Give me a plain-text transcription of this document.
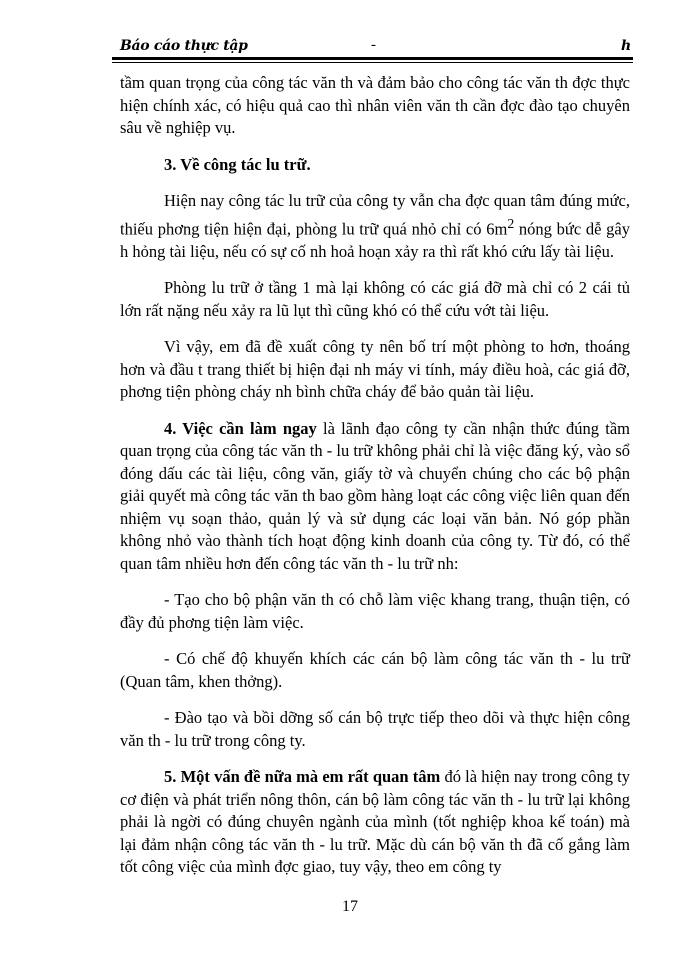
Báo cáo thực tập	-	h

tầm quan trọng của công tác văn th và đảm bảo cho công tác văn th đợc thực hiện chính xác, có hiệu quả cao thì nhân viên văn th cần đợc đào tạo chuyên sâu về nghiệp vụ.

3. Về công tác lu trữ.

Hiện nay công tác lu trữ của công ty vẫn cha đợc quan tâm đúng mức, thiếu phơng tiện hiện đại, phòng lu trữ quá nhỏ chỉ có $6m^2$ nóng bức dễ gây h hỏng tài liệu, nếu có sự cố nh hoả hoạn xảy ra thì rất khó cứu lấy tài liệu.

Phòng lu trữ ở tầng 1 mà lại không có các giá đỡ mà chỉ có 2 cái tủ lớn rất nặng nếu xảy ra lũ lụt thì cũng khó có thể cứu vớt tài liệu.

Vì vậy, em đã đề xuất công ty nên bố trí một phòng to hơn, thoáng hơn và đầu t trang thiết bị hiện đại nh máy vi tính, máy điều hoà, các giá đỡ, phơng tiện phòng cháy nh bình chữa cháy để bảo quản tài liệu.

4. Việc cần làm ngay là lãnh đạo công ty cần nhận thức đúng tầm quan trọng của công tác văn th - lu trữ không phải chỉ là việc đăng ký, vào sổ đóng dấu các tài liệu, công văn, giấy tờ và chuyển chúng cho các bộ phận giải quyết mà công tác văn th bao gồm hàng loạt các công việc liên quan đến nhiệm vụ soạn thảo, quản lý và sử dụng các loại văn bản. Nó góp phần không nhỏ vào thành tích hoạt động kinh doanh của công ty. Từ đó, có thể quan tâm nhiều hơn đến công tác văn th - lu trữ nh:

- Tạo cho bộ phận văn th có chỗ làm việc khang trang, thuận tiện, có đầy đủ phơng tiện làm việc.

- Có chế độ khuyến khích các cán bộ làm công tác văn th - lu trữ (Quan tâm, khen thởng).

- Đào tạo và bồi dỡng số cán bộ trực tiếp theo dõi và thực hiện công văn th - lu trữ trong công ty.

5. Một vấn đề nữa mà em rất quan tâm đó là hiện nay trong công ty cơ điện và phát triển nông thôn, cán bộ làm công tác văn th - lu trữ lại không phải là ngời có đúng chuyên ngành của mình (tốt nghiệp khoa kế toán) mà lại đảm nhận công tác văn th - lu trữ. Mặc dù cán bộ văn th đã cố gắng làm tốt công việc của mình đợc giao, tuy vậy, theo em công ty

17
